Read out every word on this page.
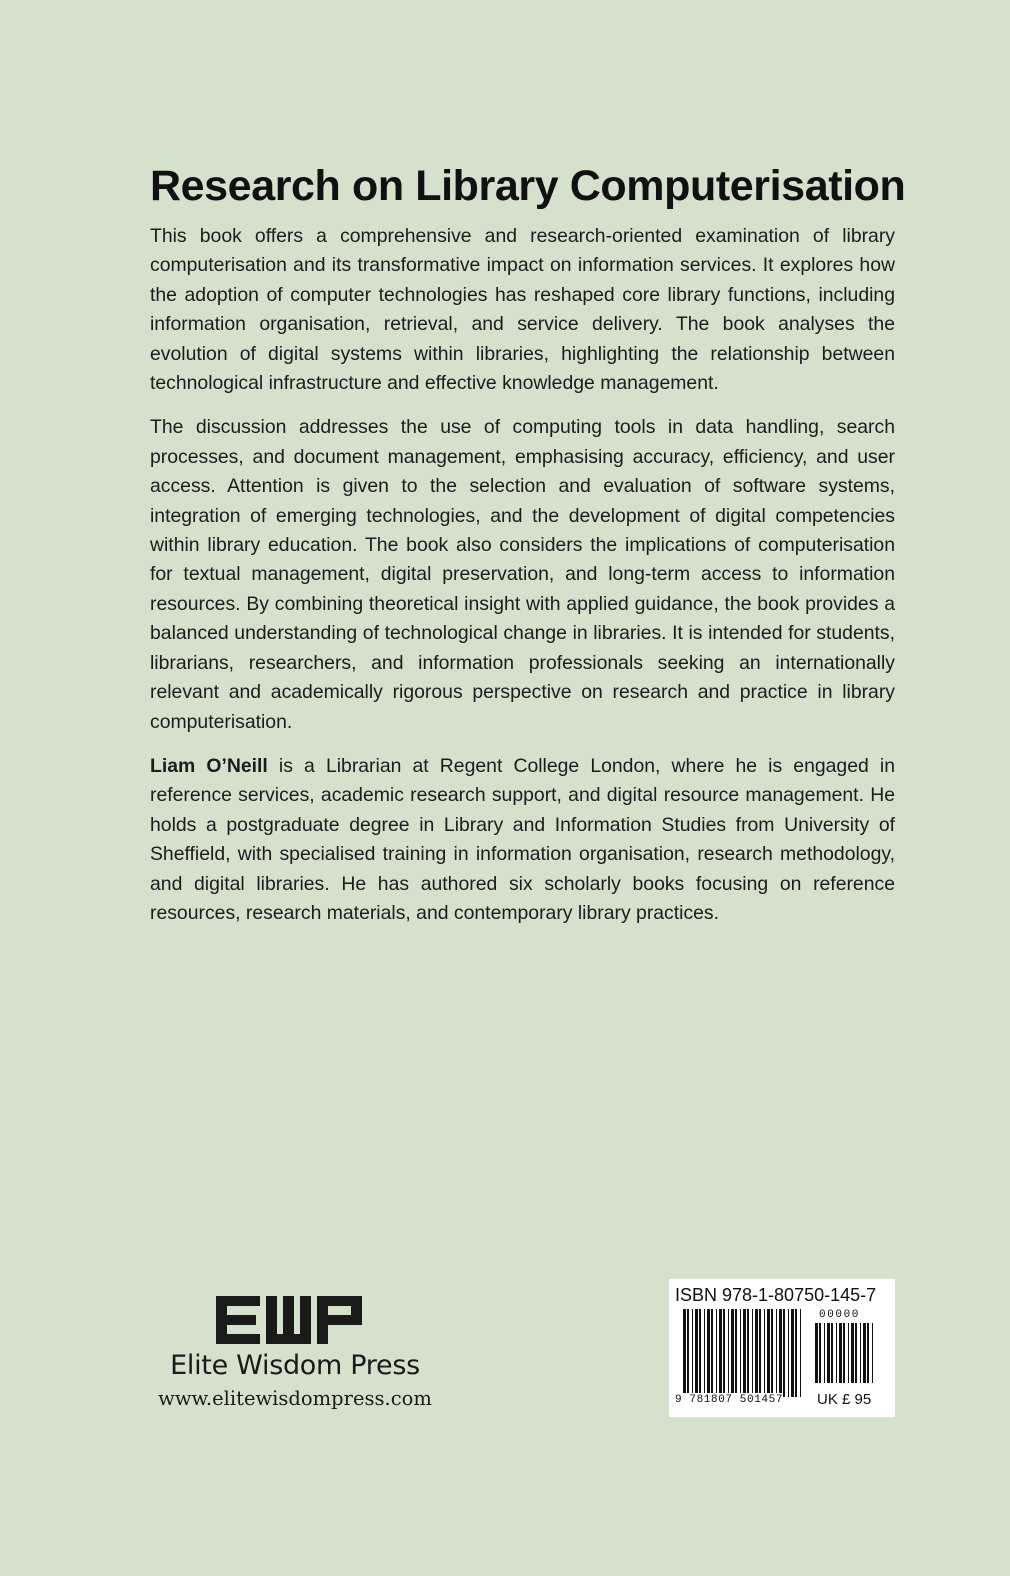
Research on Library Computerisation

This book offers a comprehensive and research-oriented examination of library computerisation and its transformative impact on information services. It explores how the adoption of computer technologies has reshaped core library functions, including information organisation, retrieval, and service delivery. The book analyses the evolution of digital systems within libraries, highlighting the relationship between technological infrastructure and effective knowledge management.

The discussion addresses the use of computing tools in data handling, search processes, and document management, emphasising accuracy, efficiency, and user access. Attention is given to the selection and evaluation of software systems, integration of emerging technologies, and the development of digital competencies within library education. The book also considers the implications of computerisation for textual management, digital preservation, and long-term access to information resources. By combining theoretical insight with applied guidance, the book provides a balanced understanding of technological change in libraries. It is intended for students, librarians, researchers, and information professionals seeking an internationally relevant and academically rigorous perspective on research and practice in library computerisation.

Liam O’Neill is a Librarian at Regent College London, where he is engaged in reference services, academic research support, and digital resource management. He holds a postgraduate degree in Library and Information Studies from University of Sheffield, with specialised training in information organisation, research methodology, and digital libraries. He has authored six scholarly books focusing on reference resources, research materials, and contemporary library practices.

Elite Wisdom Press
www.elitewisdompress.com
ISBN 978-1-80750-145-7
00000
9 781807 501457 UK £ 95
